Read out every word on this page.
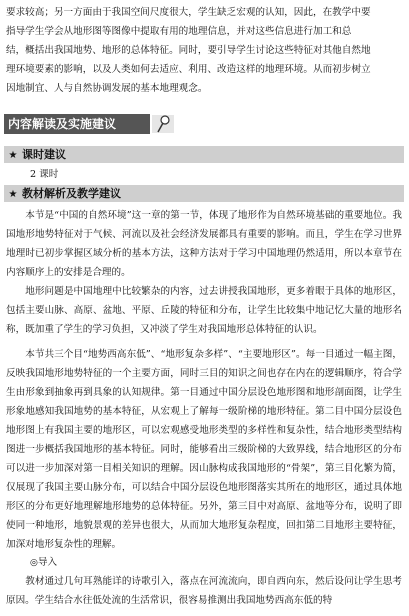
要求较高；另一方面由于我国空间尺度很大，学生缺乏宏观的认知，因此，在教学中要
指导学生学会从地形图等图像中提取有用的地理信息，并对这些信息进行加工和总
结，概括出我国地势、地形的总体特征。同时，要引导学生讨论这些特征对其他自然地
理环境要素的影响，以及人类如何去适应、利用、改造这样的地理环境。从而初步树立
因地制宜、人与自然协调发展的基本地理观念。
内容解读及实施建议
★ 课时建议
2 课时
★ 教材解析及教学建议
本节是“中国的自然环境”这一章的第一节，体现了地形作为自然环境基础的重要地位。我国地形地势特征对于气候、河流以及社会经济发展都具有重要的影响。而且，学生在学习世界地理时已初步掌握区域分析的基本方法，这种方法对于学习中国地理仍然适用，所以本章节在内容顺序上的安排是合理的。
地形问题是中国地理中比较繁杂的内容，过去讲授我国地形，更多着眼于具体的地形区，包括主要山脉、高原、盆地、平原、丘陵的特征和分布，让学生比较集中地记忆大量的地形名称，既加重了学生的学习负担，又冲淡了学生对我国地形总体特征的认识。
本节共三个目“地势西高东低”、“地形复杂多样”、“主要地形区”。每一目通过一幅主图，反映我国地形地势特征的一个主要方面，同时三目的知识之间也存在内在的逻辑顺序，符合学生由形象到抽象再到具象的认知规律。第一目通过中国分层设色地形图和地形剖面图，让学生形象地感知我国地势的基本特征，从宏观上了解每一级阶梯的地形特征。第二目中国分层设色地形图上有我国主要的地形区，可以宏观感受地形类型的多样性和复杂性，结合地形类型结构图进一步概括我国地形的基本特征。同时，能够看出三级阶梯的大致界线，结合地形区的分布可以进一步加深对第一目相关知识的理解。因山脉构成我国地形的“骨架”，第三目化繁为简，仅展现了我国主要山脉分布，可以结合中国分层设色地形图落实其所在的地形区，通过具体地形区的分布更好地理解地形地势的总体特征。另外，第三目中对高原、盆地等分布，说明了即使同一种地形，地貌景观的差异也很大，从而加大地形复杂程度，回扣第二目地形主要特征，加深对地形复杂性的理解。
◎导入
教材通过几句耳熟能详的诗歌引入，落点在河流流向，即自西向东，然后设问让学生思考原因。学生结合水往低处流的生活常识，很容易推测出我国地势西高东低的特
